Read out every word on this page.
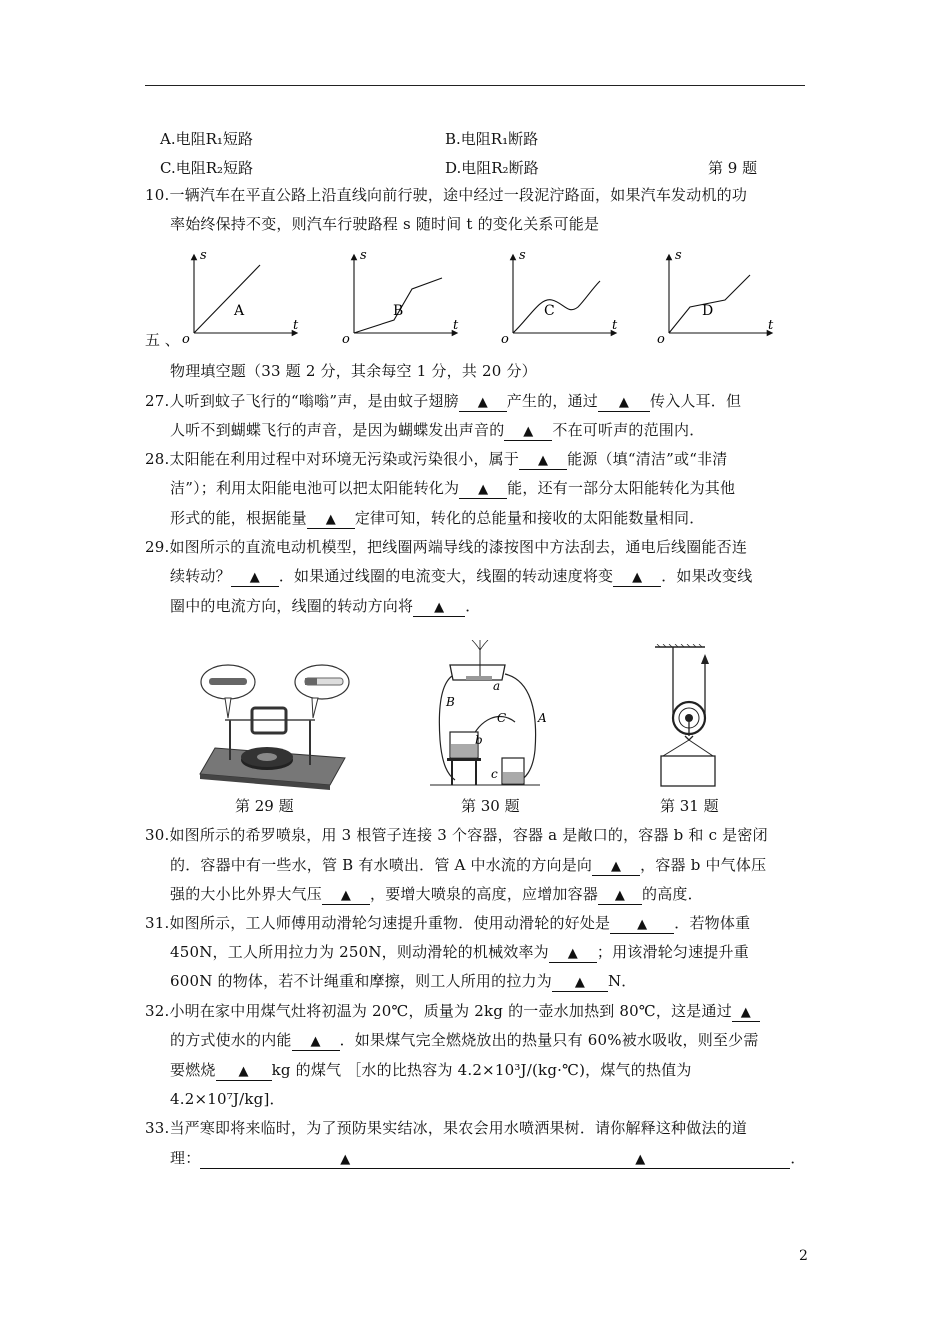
A.电阻R₁短路	B.电阻R₁断路
C.电阻R₂短路	D.电阻R₂断路	第 9 题
10.一辆汽车在平直公路上沿直线向前行驶，途中经过一段泥泞路面，如果汽车发动机的功
率始终保持不变，则汽车行驶路程 s 随时间 t 的变化关系可能是
五 、
s
t
o
A
s
t
o
B
s
t
o
C
s
t
o
D
物理填空题（33 题 2 分，其余每空 1 分，共 20 分）
27.人听到蚊子飞行的“嗡嗡”声，是由蚊子翅膀 ▲ 产生的，通过 ▲ 传入人耳．但
人听不到蝴蝶飞行的声音，是因为蝴蝶发出声音的 ▲ 不在可听声的范围内．
28.太阳能在利用过程中对环境无污染或污染很小，属于 ▲ 能源（填“清洁”或“非清
洁”）；利用太阳能电池可以把太阳能转化为 ▲ 能，还有一部分太阳能转化为其他
形式的能，根据能量 ▲ 定律可知，转化的总能量和接收的太阳能数量相同．
29.如图所示的直流电动机模型，把线圈两端导线的漆按图中方法刮去，通电后线圈能否连
续转动？ ▲ ．如果通过线圈的电流变大，线圈的转动速度将变 ▲ ．如果改变线
圈中的电流方向，线圈的转动方向将 ▲ ．
a
B
C	A
b
c
第 29 题	第 30 题	第 31 题
30.如图所示的希罗喷泉，用 3 根管子连接 3 个容器，容器 a 是敞口的，容器 b 和 c 是密闭
的．容器中有一些水，管 B 有水喷出．管 A 中水流的方向是向 ▲ ，容器 b 中气体压
强的大小比外界大气压 ▲ ，要增大喷泉的高度，应增加容器 ▲ 的高度．
31.如图所示，工人师傅用动滑轮匀速提升重物．使用动滑轮的好处是 ▲ ．若物体重
450N，工人所用拉力为 250N，则动滑轮的机械效率为 ▲ ；用该滑轮匀速提升重
600N 的物体，若不计绳重和摩擦，则工人所用的拉力为 ▲ N．
32.小明在家中用煤气灶将初温为 20℃，质量为 2kg 的一壶水加热到 80℃，这是通过 ▲
的方式使水的内能 ▲ ．如果煤气完全燃烧放出的热量只有 60%被水吸收，则至少需
要燃烧 ▲ kg 的煤气 ［水的比热容为 4.2×10³J/(kg·℃)，煤气的热值为
4.2×10⁷J/kg]．
33.当严寒即将来临时，为了预防果实结冰，果农会用水喷洒果树．请你解释这种做法的道
理：	▲	▲	．
2
